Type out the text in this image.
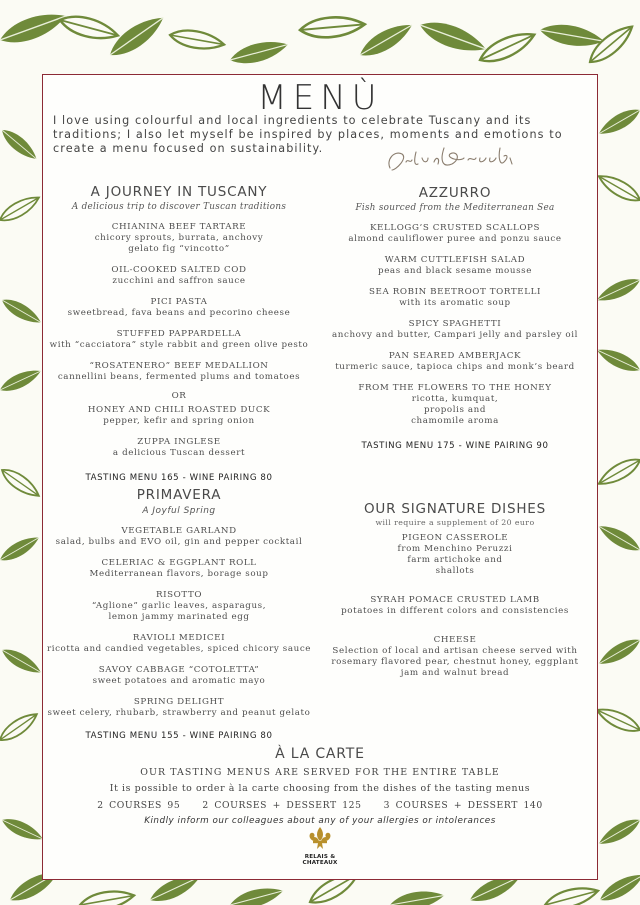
MENÙ
I love using colourful and local ingredients to celebrate Tuscany and its traditions; I also let myself be inspired by places, moments and emotions to create a menu focused on sustainability.
A JOURNEY IN TUSCANY
A delicious trip to discover Tuscan traditions
CHIANINA BEEF TARTARE
chicory sprouts, burrata, anchovy gelato fig “vincotto”
OIL-COOKED SALTED COD
zucchini and saffron sauce
PICI PASTA
sweetbread, fava beans and pecorino cheese
STUFFED PAPPARDELLA
with “cacciatora” style rabbit and green olive pesto
“ROSATENERO” BEEF MEDALLION
cannellini beans, fermented plums and tomatoes
OR
HONEY AND CHILI ROASTED DUCK
pepper, kefir and spring onion
ZUPPA INGLESE
a delicious Tuscan dessert
TASTING MENU 165 - WINE PAIRING 80
PRIMAVERA
A Joyful Spring
VEGETABLE GARLAND
salad, bulbs and EVO oil, gin and pepper cocktail
CELERIAC & EGGPLANT ROLL
Mediterranean flavors, borage soup
RISOTTO
“Aglione” garlic leaves, asparagus, lemon jammy marinated egg
RAVIOLI MEDICEI
ricotta and candied vegetables, spiced chicory sauce
SAVOY CABBAGE “COTOLETTA”
sweet potatoes and aromatic mayo
SPRING DELIGHT
sweet celery, rhubarb, strawberry and peanut gelato
TASTING MENU 155 - WINE PAIRING 80
AZZURRO
Fish sourced from the Mediterranean Sea
KELLOGG’S CRUSTED SCALLOPS
almond cauliflower puree and ponzu sauce
WARM CUTTLEFISH SALAD
peas and black sesame mousse
SEA ROBIN BEETROOT TORTELLI
with its aromatic soup
SPICY SPAGHETTI
anchovy and butter, Campari jelly and parsley oil
PAN SEARED AMBERJACK
turmeric sauce, tapioca chips and monk’s beard
FROM THE FLOWERS TO THE HONEY
ricotta, kumquat, propolis and chamomile aroma
TASTING MENU 175 - WINE PAIRING 90
OUR SIGNATURE DISHES
will require a supplement of 20 euro
PIGEON CASSEROLE
from Menchino Peruzzi farm artichoke and shallots
SYRAH POMACE CRUSTED LAMB
potatoes in different colors and consistencies
CHEESE
Selection of local and artisan cheese served with rosemary flavored pear, chestnut honey, eggplant jam and walnut bread
À LA CARTE
OUR TASTING MENUS ARE SERVED FOR THE ENTIRE TABLE
It is possible to order à la carte choosing from the dishes of the tasting menus
2 COURSES 95    2 COURSES + DESSERT 125    3 COURSES + DESSERT 140
Kindly inform our colleagues about any of your allergies or intolerances
RELAIS &
CHATEAUX
